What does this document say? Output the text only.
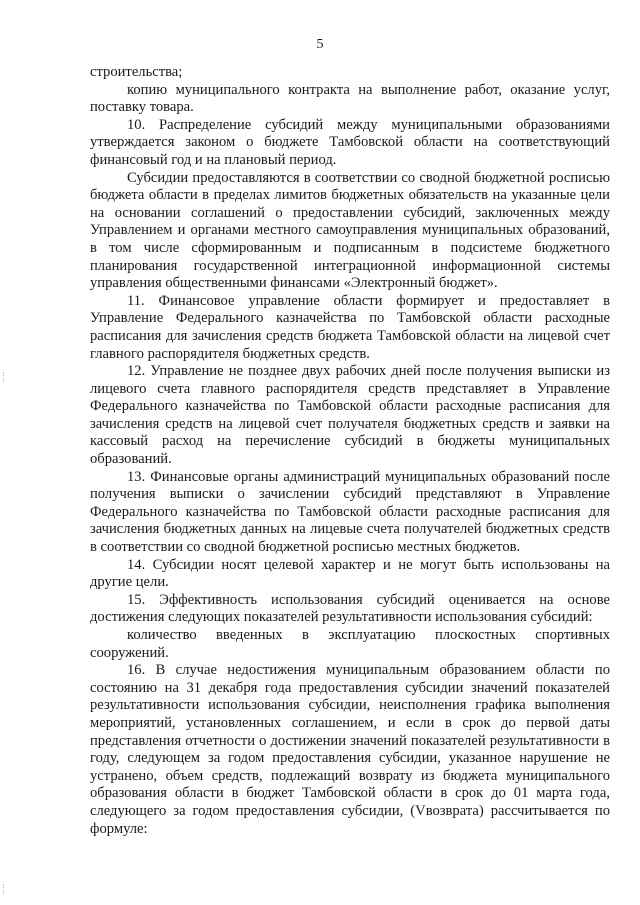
5

строительства;

копию муниципального контракта на выполнение работ, оказание услуг, поставку товара.

10. Распределение субсидий между муниципальными образованиями утверждается законом о бюджете Тамбовской области на соответствующий финансовый год и на плановый период.

Субсидии предоставляются в соответствии со сводной бюджетной росписью бюджета области в пределах лимитов бюджетных обязательств на указанные цели на основании соглашений о предоставлении субсидий, заключенных между Управлением и органами местного самоуправления муниципальных образований, в том числе сформированным и подписанным в подсистеме бюджетного планирования государственной интеграционной информационной системы управления общественными финансами «Электронный бюджет».

11. Финансовое управление области формирует и предоставляет в Управление Федерального казначейства по Тамбовской области расходные расписания для зачисления средств бюджета Тамбовской области на лицевой счет главного распорядителя бюджетных средств.

12. Управление не позднее двух рабочих дней после получения выписки из лицевого счета главного распорядителя средств представляет в Управление Федерального казначейства по Тамбовской области расходные расписания для зачисления средств на лицевой счет получателя бюджетных средств и заявки на кассовый расход на перечисление субсидий в бюджеты муниципальных образований.

13. Финансовые органы администраций муниципальных образований после получения выписки о зачислении субсидий представляют в Управление Федерального казначейства по Тамбовской области расходные расписания для зачисления бюджетных данных на лицевые счета получателей бюджетных средств в соответствии со сводной бюджетной росписью местных бюджетов.

14. Субсидии носят целевой характер и не могут быть использованы на другие цели.

15. Эффективность использования субсидий оценивается на основе достижения следующих показателей результативности использования субсидий:

количество введенных в эксплуатацию плоскостных спортивных сооружений.

16. В случае недостижения муниципальным образованием области по состоянию на 31 декабря года предоставления субсидии значений показателей результативности использования субсидии, неисполнения графика выполнения мероприятий, установленных соглашением, и если в срок до первой даты представления отчетности о достижении значений показателей результативности в году, следующем за годом предоставления субсидии, указанное нарушение не устранено, объем средств, подлежащий возврату из бюджета муниципального образования области в бюджет Тамбовской области в срок до 01 марта года, следующего за годом предоставления субсидии, (Vвозврата) рассчитывается по формуле:
